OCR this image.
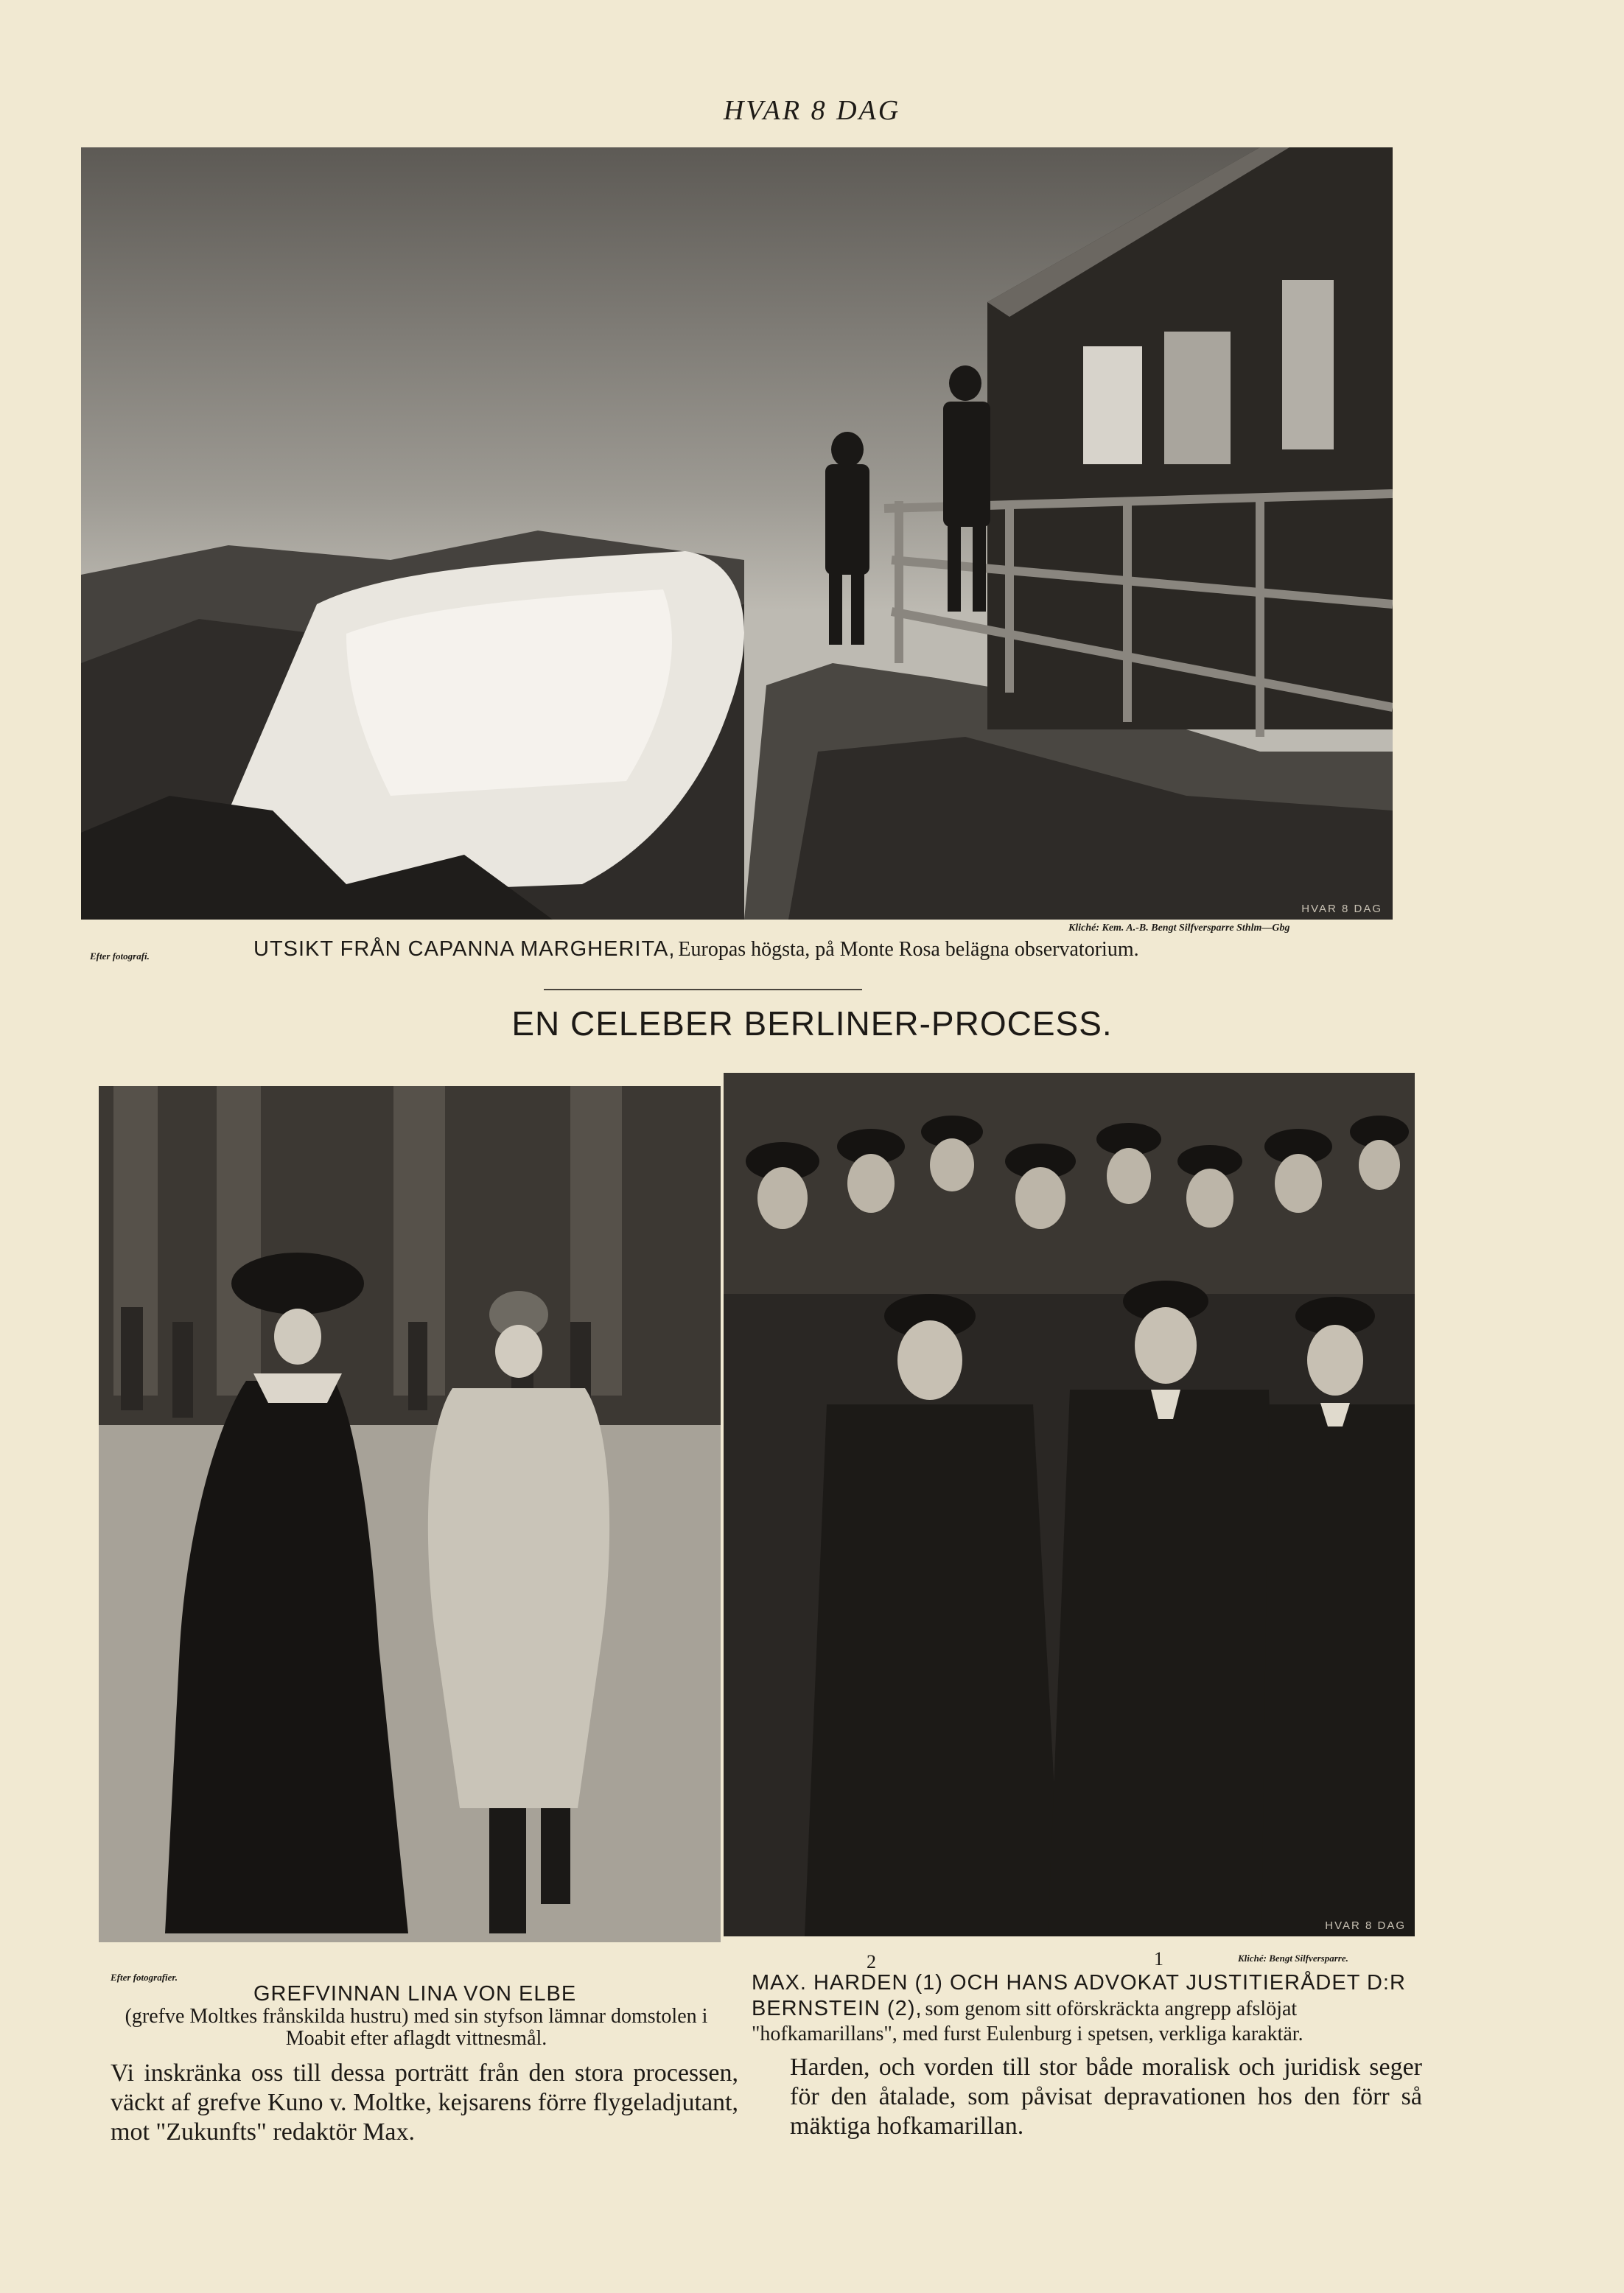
HVAR 8 DAG
HVAR 8 DAG
Efter fotografi.
Kliché: Kem. A.-B. Bengt Silfversparre Sthlm—Gbg
UTSIKT FRÅN CAPANNA MARGHERITA, Europas högsta, på Monte Rosa belägna observatorium.
EN CELEBER BERLINER-PROCESS.
HVAR 8 DAG
Efter fotografier.
GREFVINNAN LINA VON ELBE
(grefve Moltkes frånskilda hustru) med sin styfson lämnar domstolen i Moabit efter aflagdt vittnesmål.
2	1	Kliché: Bengt Silfversparre.
MAX. HARDEN (1) OCH HANS ADVOKAT JUSTITIERÅDET D:R BERNSTEIN (2), som genom sitt oförskräckta angrepp afslöjat "hofkamarillans", med furst Eulenburg i spetsen, verkliga karaktär.
Vi inskränka oss till dessa porträtt från den stora processen, väckt af grefve Kuno v. Moltke, kejsarens förre flygeladjutant, mot "Zukunfts" redaktör Max.
Harden, och vorden till stor både moralisk och juridisk seger för den åtalade, som påvisat depravationen hos den förr så mäktiga hofkamarillan.
